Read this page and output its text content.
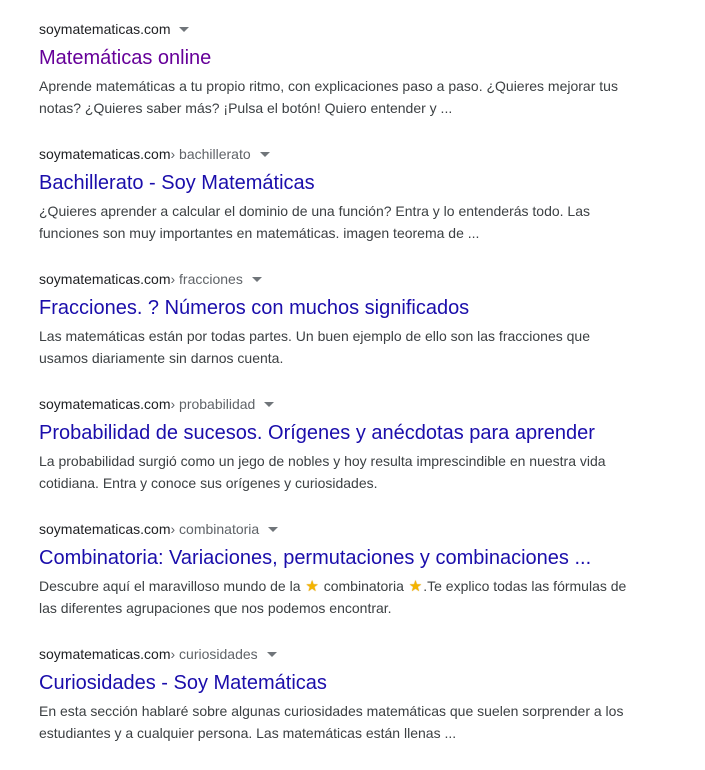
soymatematicas.com
Matemáticas online
Aprende matemáticas a tu propio ritmo, con explicaciones paso a paso. ¿Quieres mejorar tus notas? ¿Quieres saber más? ¡Pulsa el botón! Quiero entender y ...
soymatematicas.com › bachillerato
Bachillerato - Soy Matemáticas
¿Quieres aprender a calcular el dominio de una función? Entra y lo entenderás todo. Las funciones son muy importantes en matemáticas. imagen teorema de ...
soymatematicas.com › fracciones
Fracciones. ? Números con muchos significados
Las matemáticas están por todas partes. Un buen ejemplo de ello son las fracciones que usamos diariamente sin darnos cuenta.
soymatematicas.com › probabilidad
Probabilidad de sucesos. Orígenes y anécdotas para aprender
La probabilidad surgió como un jego de nobles y hoy resulta imprescindible en nuestra vida cotidiana. Entra y conoce sus orígenes y curiosidades.
soymatematicas.com › combinatoria
Combinatoria: Variaciones, permutaciones y combinaciones ...
Descubre aquí el maravilloso mundo de la ★ combinatoria ★.Te explico todas las fórmulas de las diferentes agrupaciones que nos podemos encontrar.
soymatematicas.com › curiosidades
Curiosidades - Soy Matemáticas
En esta sección hablaré sobre algunas curiosidades matemáticas que suelen sorprender a los estudiantes y a cualquier persona. Las matemáticas están llenas ...
